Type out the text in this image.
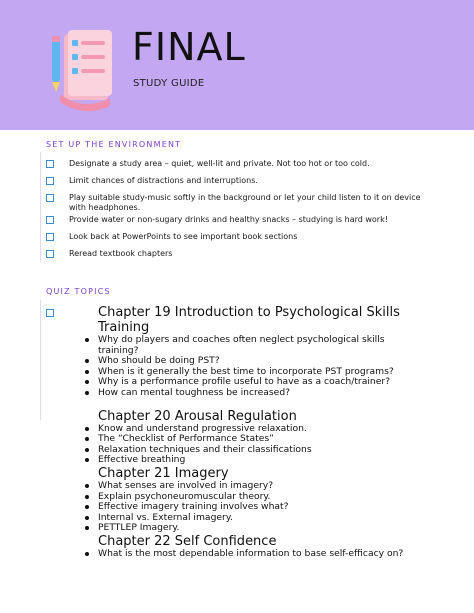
FINAL
STUDY GUIDE
SET UP THE ENVIRONMENT
Designate a study area – quiet, well-lit and private. Not too hot or too cold.
Limit chances of distractions and interruptions.
Play suitable study-music softly in the background or let your child listen to it on device with headphones.
Provide water or non-sugary drinks and healthy snacks – studying is hard work!
Look back at PowerPoints to see important book sections
Reread textbook chapters
QUIZ TOPICS
Chapter 19 Introduction to Psychological Skills Training
Why do players and coaches often neglect psychological skills training?
Who should be doing PST?
When is it generally the best time to incorporate PST programs?
Why is a performance profile useful to have as a coach/trainer?
How can mental toughness be increased?
Chapter 20 Arousal Regulation
Know and understand progressive relaxation.
The “Checklist of Performance States”
Relaxation techniques and their classifications
Effective breathing
Chapter 21 Imagery
What senses are involved in imagery?
Explain psychoneuromuscular theory.
Effective imagery training involves what?
Internal vs. External imagery.
PETTLEP Imagery.
Chapter 22 Self Confidence
What is the most dependable information to base self-efficacy on?
